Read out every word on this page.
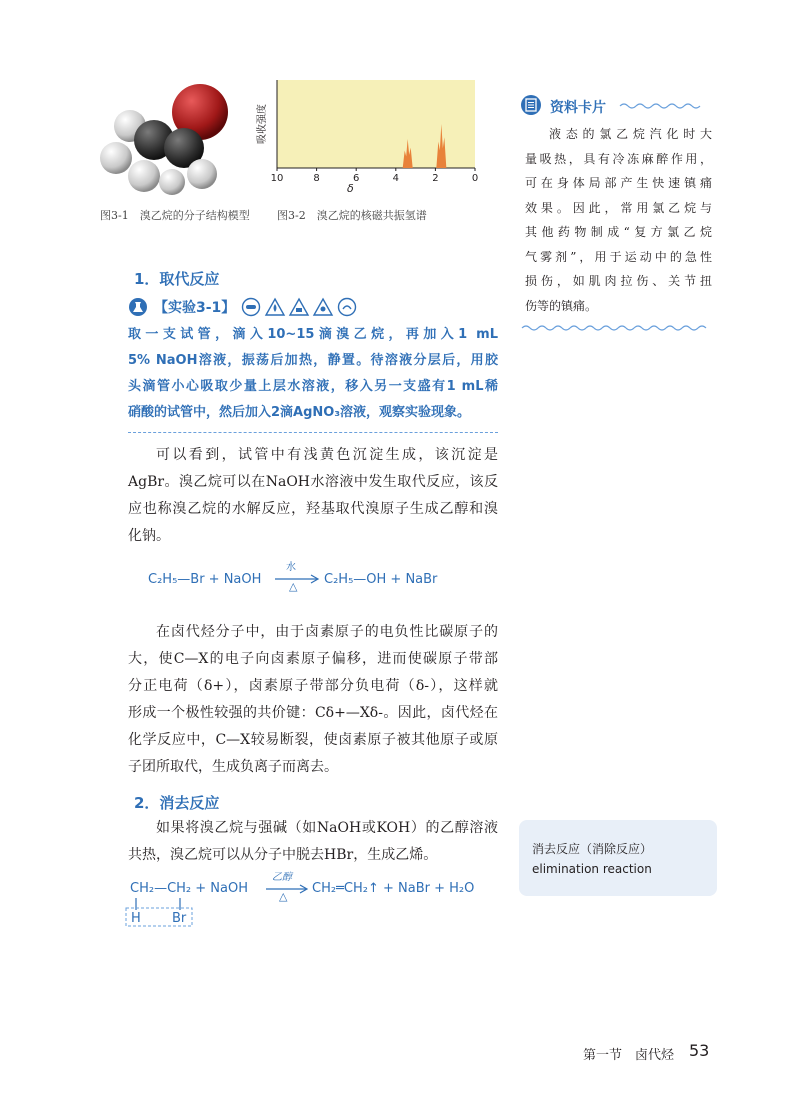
吸收强度
10	8	6	4	2	0
δ
图3-1　溴乙烷的分子结构模型 图3-2　溴乙烷的核磁共振氢谱
1．取代反应
【实验3-1】
取一支试管，滴入10~15滴溴乙烷，再加入1 mL
5% NaOH溶液，振荡后加热，静置。待溶液分层后，用胶
头滴管小心吸取少量上层水溶液，移入另一支盛有1 mL稀
硝酸的试管中，然后加入2滴AgNO₃溶液，观察实验现象。
可以看到，试管中有浅黄色沉淀生成，该沉淀是
AgBr。溴乙烷可以在NaOH水溶液中发生取代反应，该反
应也称溴乙烷的水解反应，羟基取代溴原子生成乙醇和溴
化钠。
C₂H₅—Br + NaOH →
水
△ C₂H₅—OH + NaBr
在卤代烃分子中，由于卤素原子的电负性比碳原子的
大，使C—X的电子向卤素原子偏移，进而使碳原子带部
分正电荷（δ+），卤素原子带部分负电荷（δ-），这样就
形成一个极性较强的共价键：Cδ+—Xδ-。因此，卤代烃在
化学反应中，C—X较易断裂，使卤素原子被其他原子或原
子团所取代，生成负离子而离去。
2．消去反应
如果将溴乙烷与强碱（如NaOH或KOH）的乙醇溶液
共热，溴乙烷可以从分子中脱去HBr，生成乙烯。
CH₂—CH₂ + NaOH
H Br
乙醇
△
CH₂═CH₂↑ + NaBr + H₂O
资料卡片
液态的氯乙烷汽化时大
量吸热，具有冷冻麻醉作用，
可在身体局部产生快速镇痛
效果。因此，常用氯乙烷与
其他药物制成“复方氯乙烷
气雾剂”，用于运动中的急性
损伤，如肌肉拉伤、关节扭
伤等的镇痛。
消去反应（消除反应）
elimination reaction
第一节　卤代烃 53
